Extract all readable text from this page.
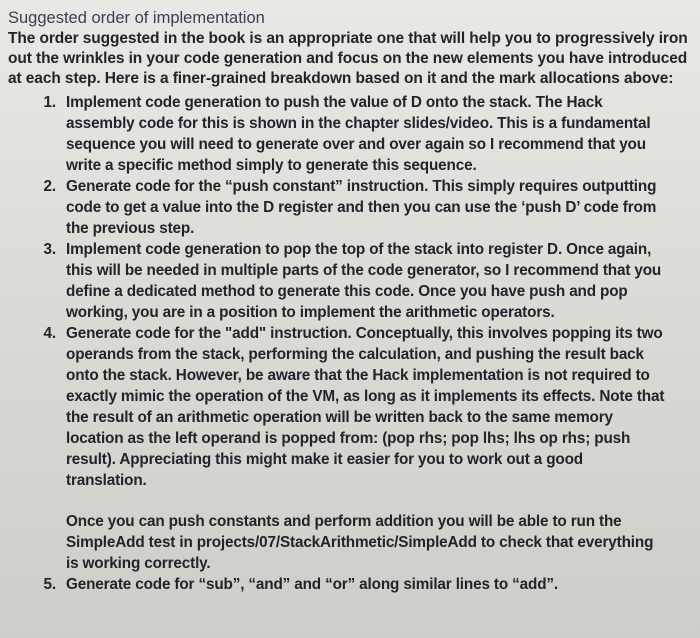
Suggested order of implementation

The order suggested in the book is an appropriate one that will help you to progressively iron out the wrinkles in your code generation and focus on the new elements you have introduced at each step. Here is a finer-grained breakdown based on it and the mark allocations above:

1. Implement code generation to push the value of D onto the stack. The Hack assembly code for this is shown in the chapter slides/video. This is a fundamental sequence you will need to generate over and over again so I recommend that you write a specific method simply to generate this sequence.

2. Generate code for the “push constant” instruction. This simply requires outputting code to get a value into the D register and then you can use the ‘push D’ code from the previous step.

3. Implement code generation to pop the top of the stack into register D. Once again, this will be needed in multiple parts of the code generator, so I recommend that you define a dedicated method to generate this code. Once you have push and pop working, you are in a position to implement the arithmetic operators.

4. Generate code for the "add" instruction. Conceptually, this involves popping its two operands from the stack, performing the calculation, and pushing the result back onto the stack. However, be aware that the Hack implementation is not required to exactly mimic the operation of the VM, as long as it implements its effects. Note that the result of an arithmetic operation will be written back to the same memory location as the left operand is popped from: (pop rhs; pop lhs; lhs op rhs; push result). Appreciating this might make it easier for you to work out a good translation.

Once you can push constants and perform addition you will be able to run the SimpleAdd test in projects/07/StackArithmetic/SimpleAdd to check that everything is working correctly.

5. Generate code for “sub”, “and” and “or” along similar lines to “add”.
